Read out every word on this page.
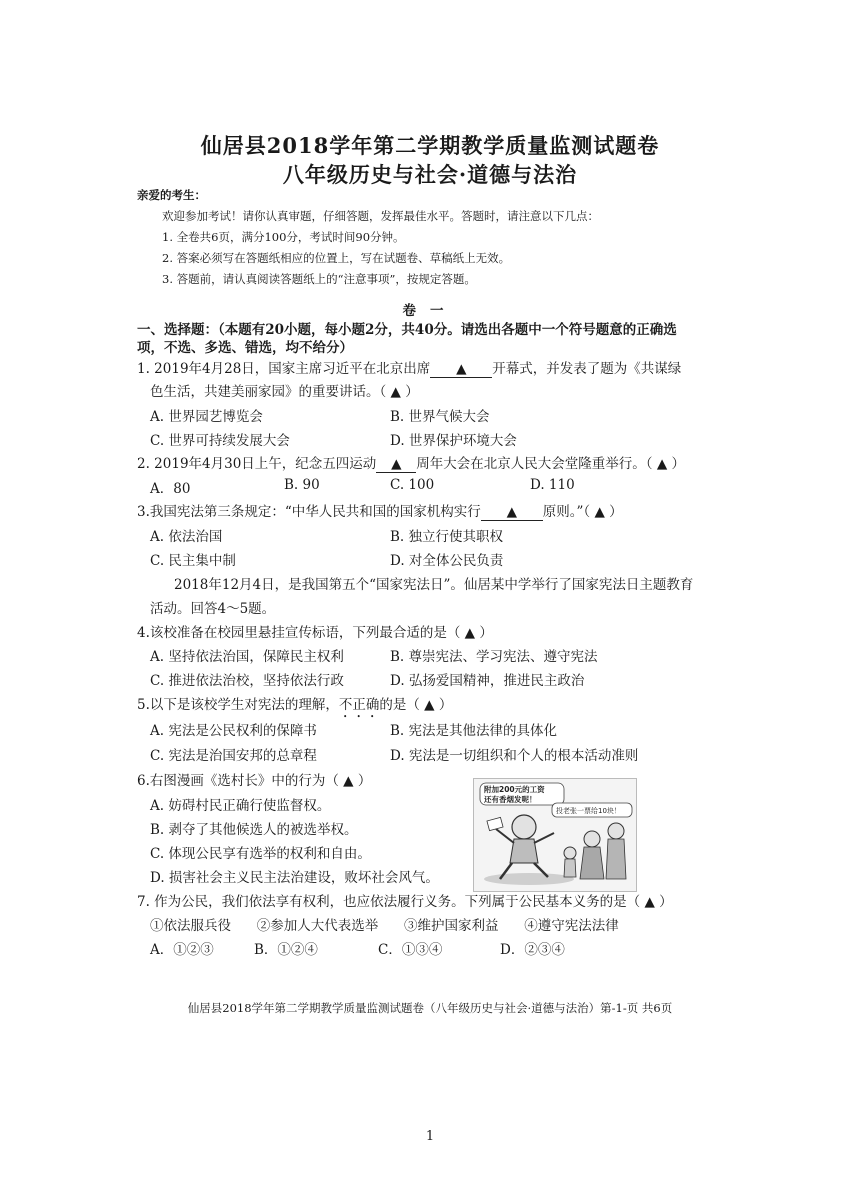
仙居县2018学年第二学期教学质量监测试题卷
八年级历史与社会·道德与法治
亲爱的考生：
欢迎参加考试！请你认真审题，仔细答题，发挥最佳水平。答题时，请注意以下几点：
1. 全卷共6页，满分100分，考试时间90分钟。
2. 答案必须写在答题纸相应的位置上，写在试题卷、草稿纸上无效。
3. 答题前，请认真阅读答题纸上的“注意事项”，按规定答题。
卷一
一、选择题：（本题有20小题，每小题2分，共40分。请选出各题中一个符号题意的正确选
项，不选、多选、错选，均不给分）
1. 2019年4月28日，国家主席习近平在北京出席 ▲ 开幕式，并发表了题为《共谋绿
色生活，共建美丽家园》的重要讲话。（ ▲ ）
A. 世界园艺博览会	B. 世界气候大会
C. 世界可持续发展大会	D. 世界保护环境大会
2. 2019年4月30日上午，纪念五四运动 ▲ 周年大会在北京人民大会堂隆重举行。（ ▲ ）
A．80	B. 90	C. 100	D. 110
3.我国宪法第三条规定：“中华人民共和国的国家机构实行 ▲ 原则。”（ ▲ ）
A. 依法治国	B. 独立行使其职权
C. 民主集中制	D. 对全体公民负责
2018年12月4日，是我国第五个“国家宪法日”。仙居某中学举行了国家宪法日主题教育
活动。回答4～5题。
4.该校准备在校园里悬挂宣传标语，下列最合适的是（ ▲ ）
A. 坚持依法治国，保障民主权利	B. 尊崇宪法、学习宪法、遵守宪法
C. 推进依法治校，坚持依法行政	D. 弘扬爱国精神，推进民主政治
5.以下是该校学生对宪法的理解，不正确的是（ ▲ ）
A. 宪法是公民权利的保障书	B. 宪法是其他法律的具体化
C. 宪法是治国安邦的总章程	D. 宪法是一切组织和个人的根本活动准则
6.右图漫画《选村长》中的行为（ ▲ ）
A. 妨碍村民正确行使监督权。
B. 剥夺了其他候选人的被选举权。
C. 体现公民享有选举的权利和自由。
D. 损害社会主义民主法治建设，败坏社会风气。
附加200元的工资
还有香烟发呢！
投老张一票给10块！
7. 作为公民，我们依法享有权利，也应依法履行义务。下列属于公民基本义务的是（ ▲ ）
①依法服兵役      ②参加人大代表选举      ③维护国家利益      ④遵守宪法法律
A．①②③	B．①②④	C．①③④	D．②③④
仙居县2018学年第二学期教学质量监测试题卷（八年级历史与社会·道德与法治）第-1-页 共6页
1
